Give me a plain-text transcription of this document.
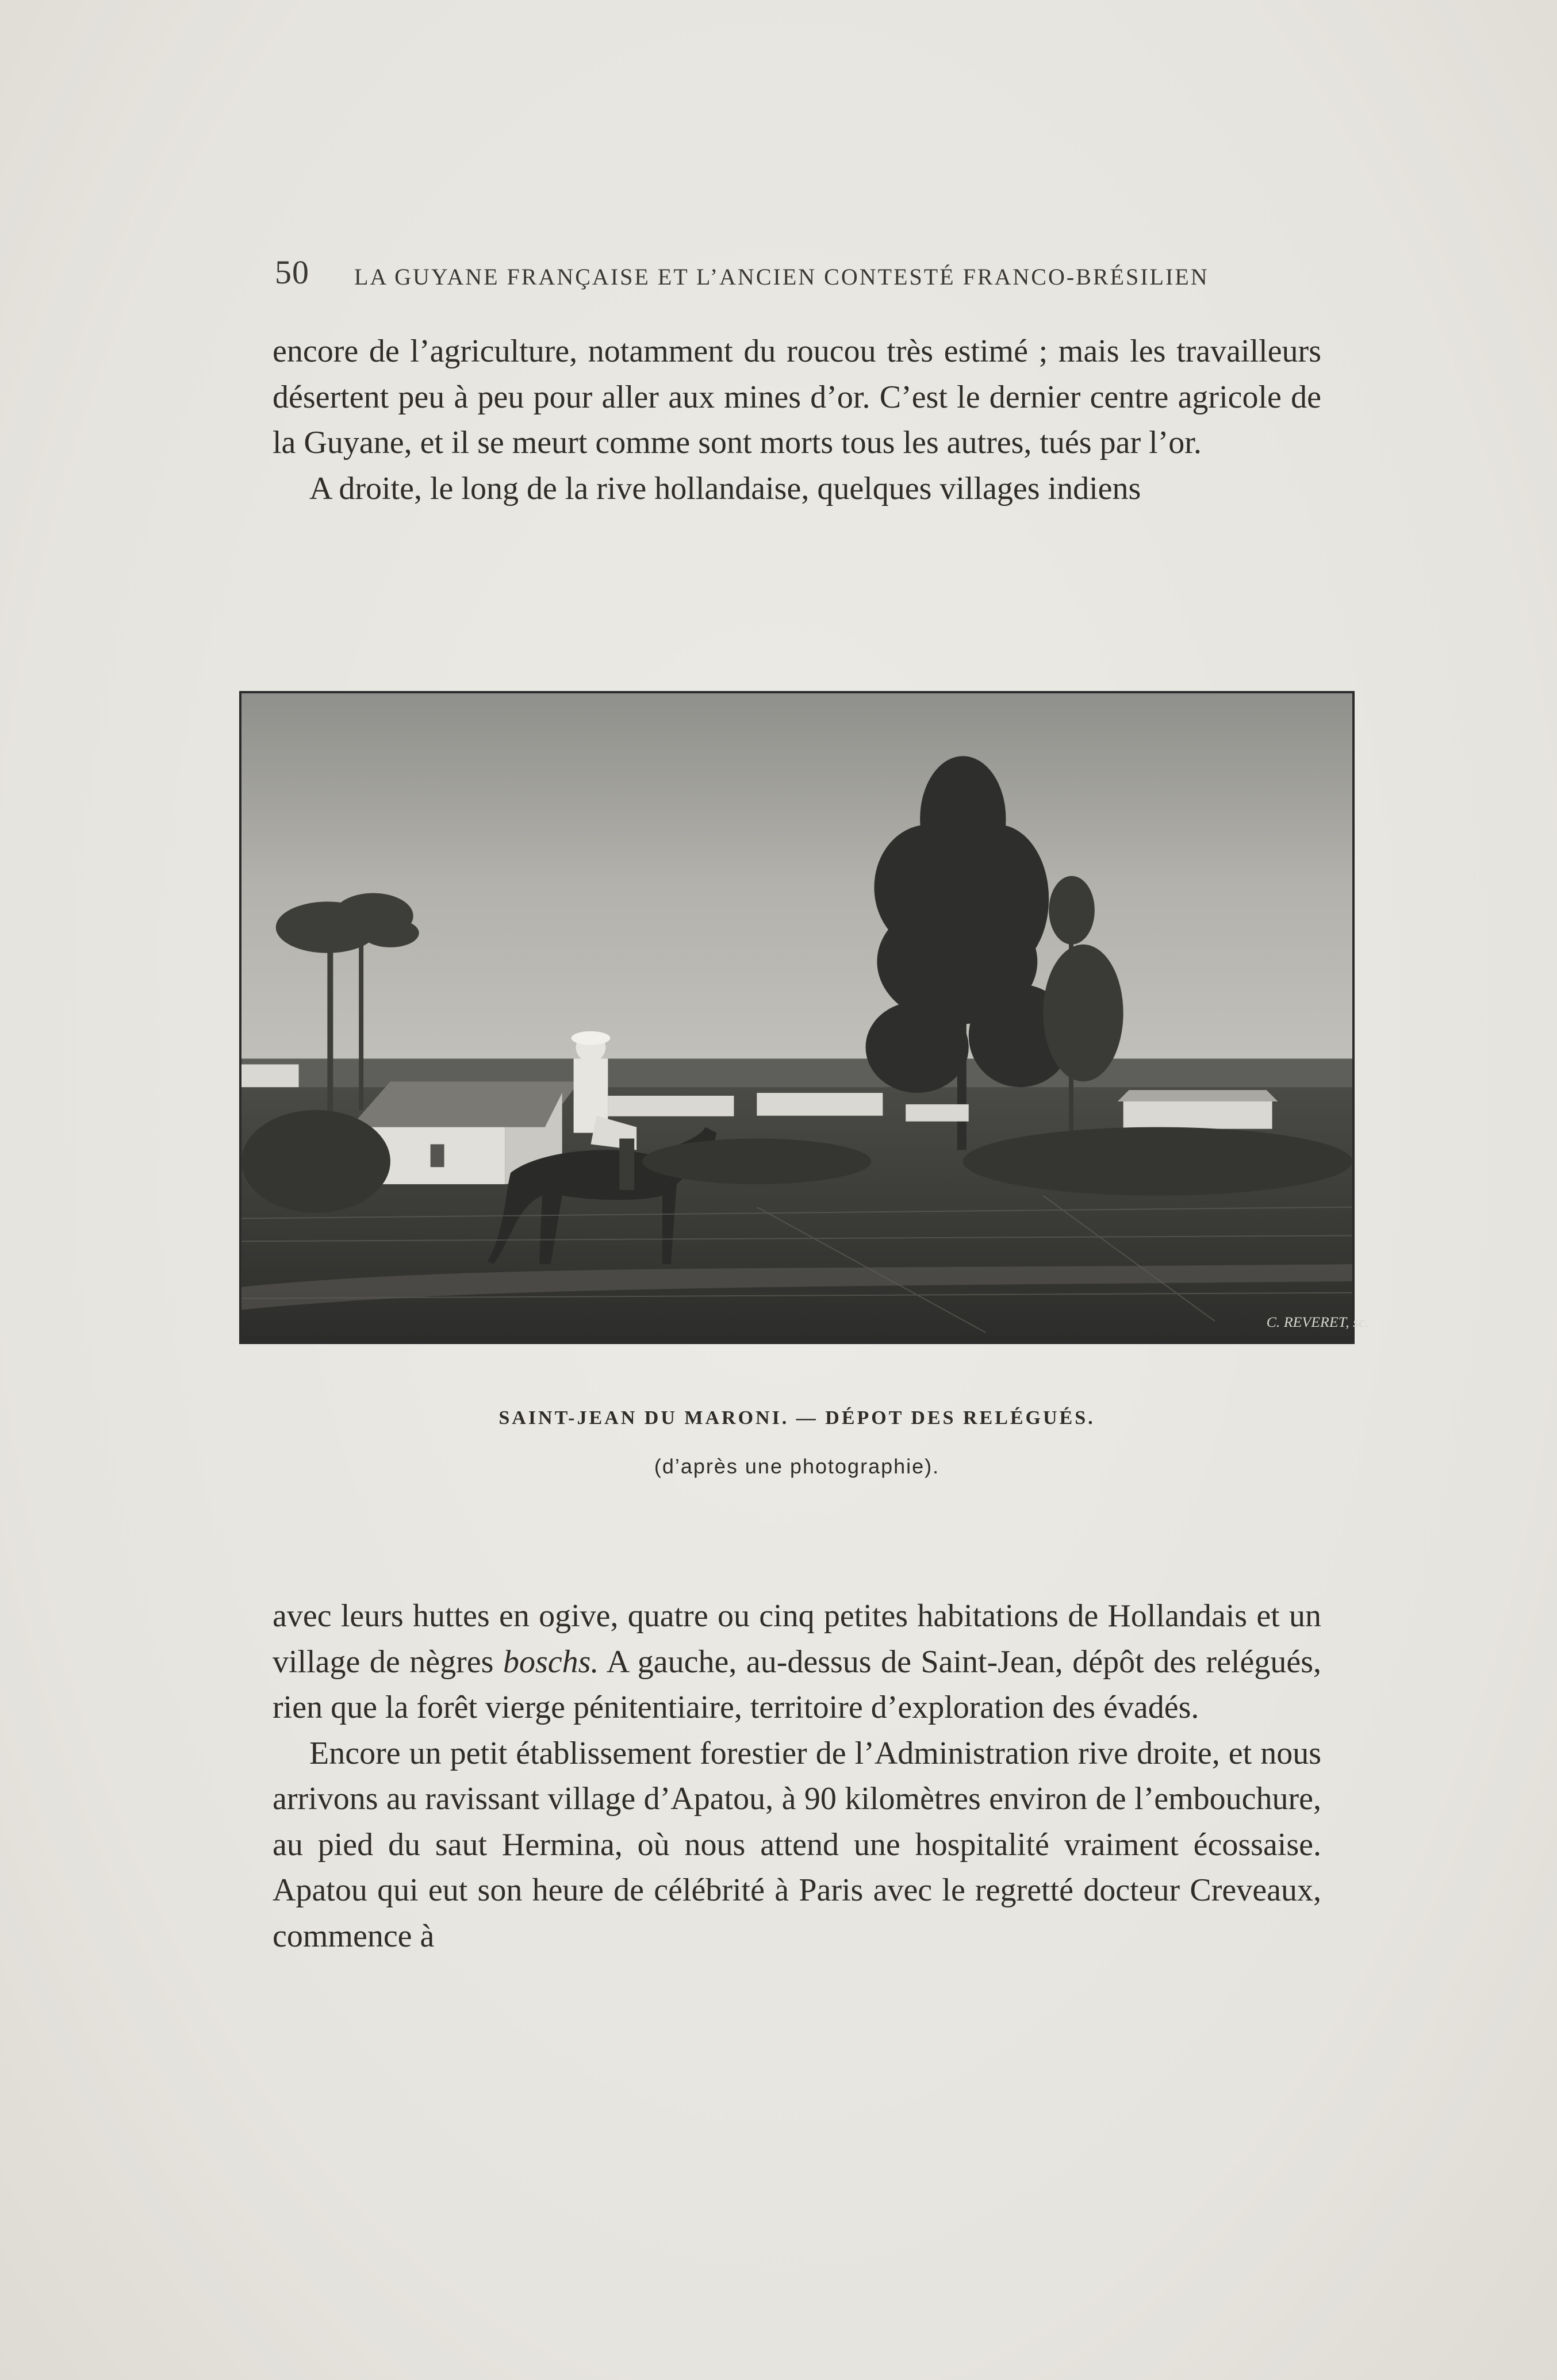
50 LA GUYANE FRANÇAISE ET L’ANCIEN CONTESTÉ FRANCO-BRÉSILIEN

encore de l’agriculture, notamment du roucou très estimé ; mais les travailleurs désertent peu à peu pour aller aux mines d’or. C’est le dernier centre agricole de la Guyane, et il se meurt comme sont morts tous les autres, tués par l’or.

A droite, le long de la rive hollandaise, quelques villages indiens

C. REVERET, sc.
SAINT-JEAN DU MARONI. — DÉPOT DES RELÉGUÉS.
(d’après une photographie).

avec leurs huttes en ogive, quatre ou cinq petites habitations de Hollandais et un village de nègres boschs. A gauche, au-dessus de Saint-Jean, dépôt des relégués, rien que la forêt vierge pénitentiaire, territoire d’exploration des évadés.

Encore un petit établissement forestier de l’Administration rive droite, et nous arrivons au ravissant village d’Apatou, à 90 kilomètres environ de l’embouchure, au pied du saut Hermina, où nous attend une hospitalité vraiment écossaise. Apatou qui eut son heure de célébrité à Paris avec le regretté docteur Creveaux, commence à
